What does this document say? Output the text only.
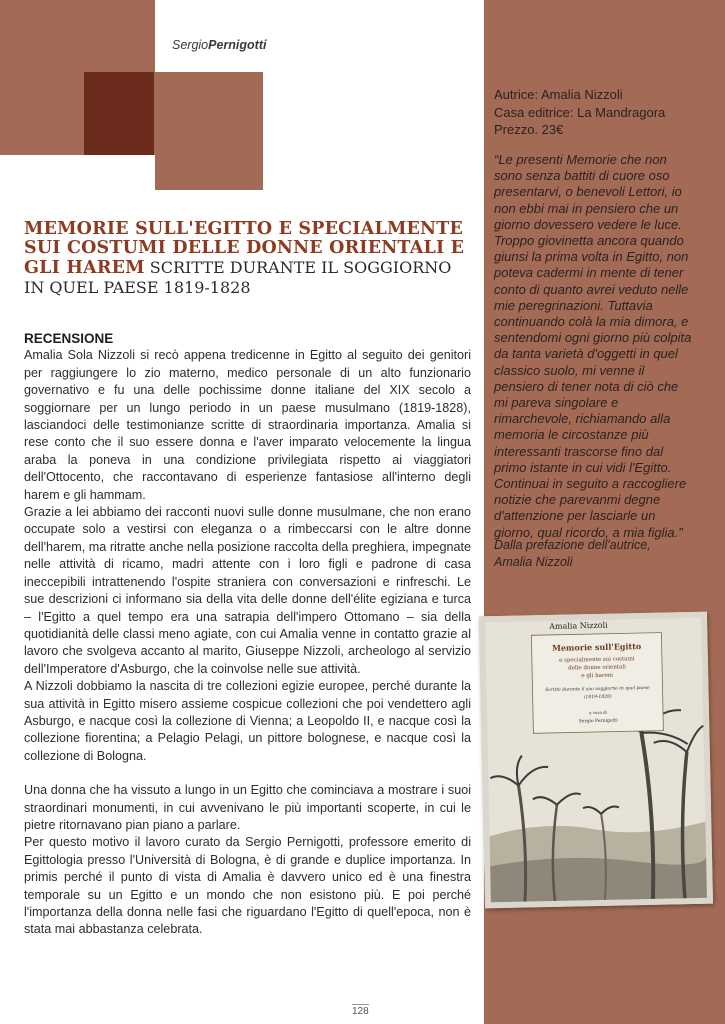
SergioPernigotti
MEMORIE SULL'EGITTO E SPECIALMENTE
SUI COSTUMI DELLE DONNE ORIENTALI E
GLI HAREM SCRITTE DURANTE IL SOGGIORNO
IN QUEL PAESE 1819-1828

RECENSIONE

Amalia Sola Nizzoli si recò appena tredicenne in Egitto al seguito dei genitori per raggiungere lo zio materno, medico personale di un alto funzionario governativo e fu una delle pochissime donne italiane del XIX secolo a soggiornare per un lungo periodo in un paese musulmano (1819-1828), lasciandoci delle testimonianze scritte di straordinaria importanza. Amalia si rese conto che il suo essere donna e l'aver imparato velocemente la lingua araba la poneva in una condizione privilegiata rispetto ai viaggiatori dell'Ottocento, che raccontavano di esperienze fantasiose all'interno degli harem e gli hammam.

Grazie a lei abbiamo dei racconti nuovi sulle donne musulmane, che non erano occupate solo a vestirsi con eleganza o a rimbeccarsi con le altre donne dell'harem, ma ritratte anche nella posizione raccolta della preghiera, impegnate nelle attività di ricamo, madri attente con i loro figli e padrone di casa ineccepibili intrattenendo l'ospite straniera con conversazioni e rinfreschi. Le sue descrizioni ci informano sia della vita delle donne dell'élite egiziana e turca – l'Egitto a quel tempo era una satrapia dell'impero Ottomano – sia della quotidianità delle classi meno agiate, con cui Amalia venne in contatto grazie al lavoro che svolgeva accanto al marito, Giuseppe Nizzoli, archeologo al servizio dell'Imperatore d'Asburgo, che la coinvolse nelle sue attività.

A Nizzoli dobbiamo la nascita di tre collezioni egizie europee, perché durante la sua attività in Egitto misero assieme cospicue collezioni che poi vendettero agli Asburgo, e nacque così la collezione di Vienna; a Leopoldo II, e nacque così la collezione fiorentina; a Pelagio Pelagi, un pittore bolognese, e nacque così la collezione di Bologna.

Una donna che ha vissuto a lungo in un Egitto che cominciava a mostrare i suoi straordinari monumenti, in cui avvenivano le più importanti scoperte, in cui le pietre ritornavano pian piano a parlare.

Per questo motivo il lavoro curato da Sergio Pernigotti, professore emerito di Egittologia presso l'Università di Bologna, è di grande e duplice importanza. In primis perché il punto di vista di Amalia è davvero unico ed è una finestra temporale su un Egitto e un mondo che non esistono più. E poi perché l'importanza della donna nelle fasi che riguardano l'Egitto di quell'epoca, non è stata mai abbastanza celebrata.

Autrice: Amalia Nizzoli
Casa editrice: La Mandragora
Prezzo. 23€
“Le presenti Memorie che non sono senza battiti di cuore oso presentarvi, o benevoli Lettori, io non ebbi mai in pensiero che un giorno dovessero vedere le luce. Troppo giovinetta ancora quando giunsi la prima volta in Egitto, non poteva cadermi in mente di tener conto di quanto avrei veduto nelle mie peregrinazioni. Tuttavia continuando colà la mia dimora, e sentendomi ogni giorno più colpita da tanta varietà d'oggetti in quel classico suolo, mi venne il pensiero di tener nota di ciò che mi pareva singolare e rimarchevole, richiamando alla memoria le circostanze più interessanti trascorse fino dal primo istante in cui vidi l'Egitto. Continuai in seguito a raccogliere notizie che parevanmi degne d'attenzione per lasciarle un giorno, qual ricordo, a mia figlia.”
Dalla prefazione dell'autrice,
Amalia Nizzoli
Amalia Nizzoli
Memorie sull'Egitto
e specialmente sui costumi
delle donne orientali
e gli harem
Scritte durante il suo soggiorno in quel paese
(1819-1828)
a cura di
Sergio Pernigotti
128
